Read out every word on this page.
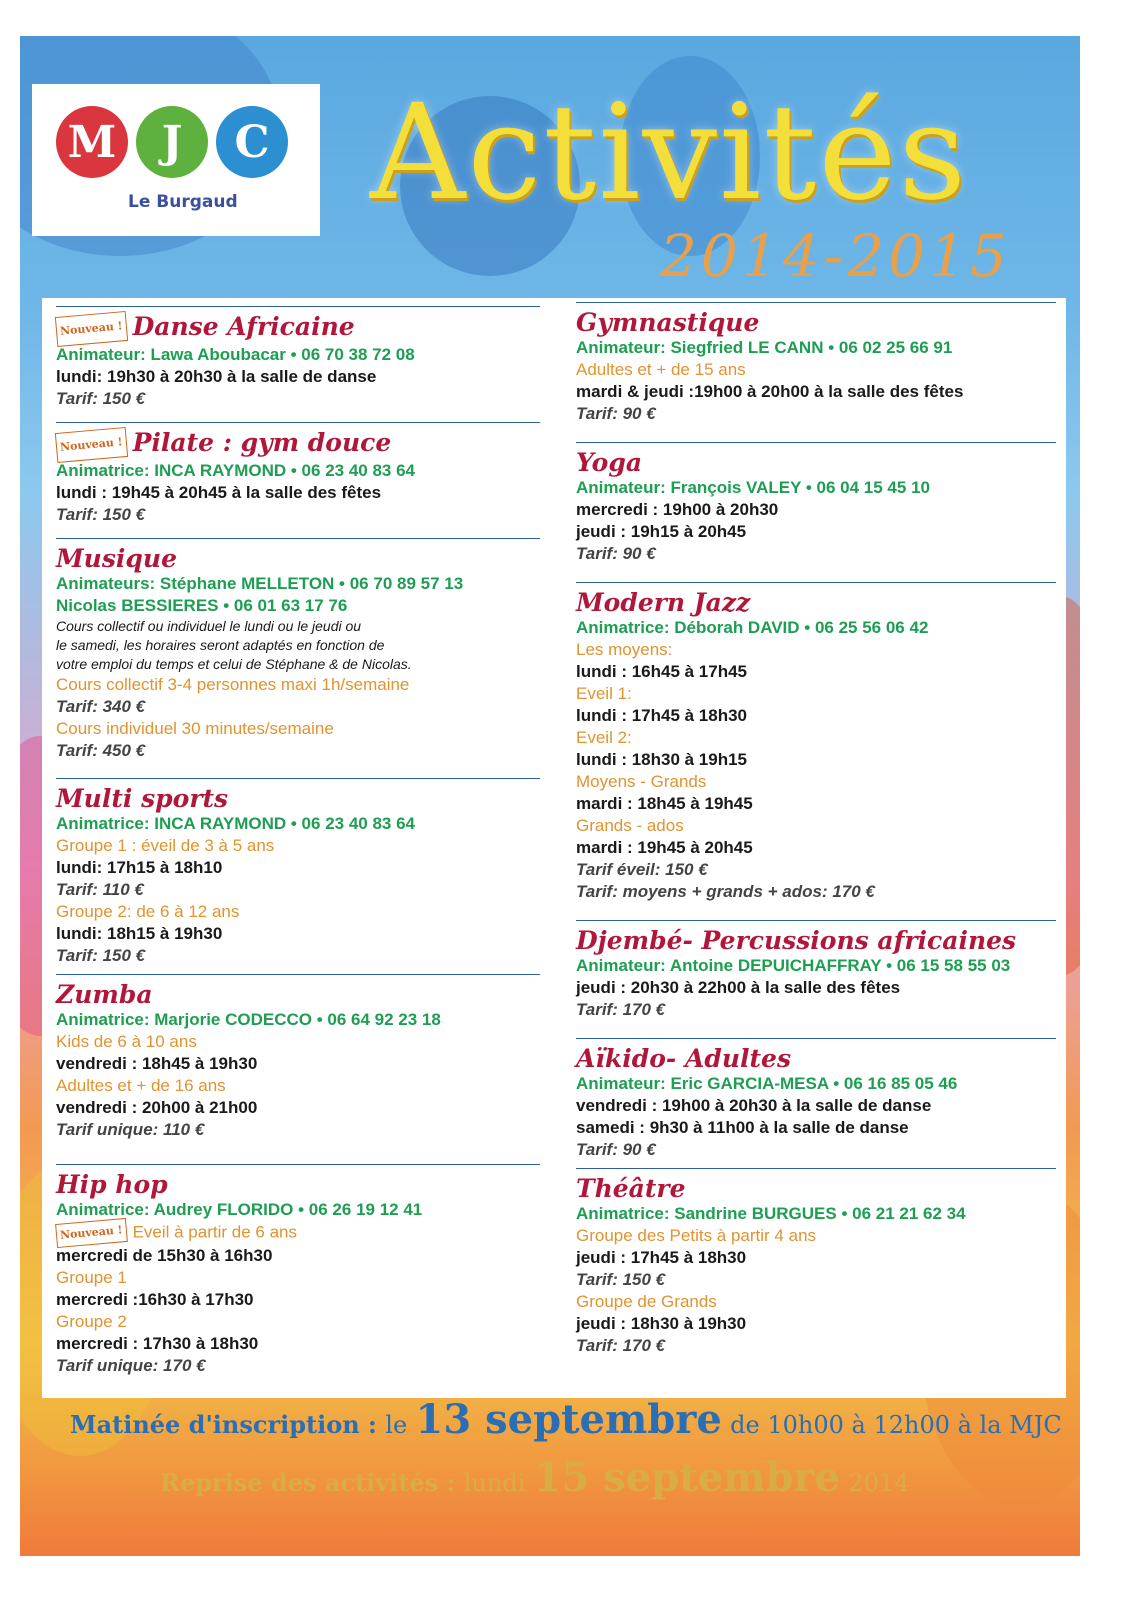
M	J	C
Le Burgaud Activités
2014-2015
Nouveau ! Danse Africaine
Animateur: Lawa Aboubacar • 06 70 38 72 08
lundi: 19h30 à 20h30 à la salle de danse
Tarif: 150 €
Nouveau ! Pilate : gym douce
Animatrice: INCA RAYMOND • 06 23 40 83 64
lundi : 19h45 à 20h45 à la salle des fêtes
Tarif: 150 €
Musique
Animateurs: Stéphane MELLETON • 06 70 89 57 13
Nicolas BESSIERES • 06 01 63 17 76
Cours collectif ou individuel le lundi ou le jeudi ou
le samedi, les horaires seront adaptés en fonction de
votre emploi du temps et celui de Stéphane & de Nicolas.
Cours collectif 3-4 personnes maxi 1h/semaine
Tarif: 340 €
Cours individuel 30 minutes/semaine
Tarif: 450 €
Multi sports
Animatrice: INCA RAYMOND • 06 23 40 83 64
Groupe 1 : éveil de 3 à 5 ans
lundi: 17h15 à 18h10
Tarif: 110 €
Groupe 2: de 6 à 12 ans
lundi: 18h15 à 19h30
Tarif: 150 €
Zumba
Animatrice: Marjorie CODECCO • 06 64 92 23 18
Kids de 6 à 10 ans
vendredi : 18h45 à 19h30
Adultes et + de 16 ans
vendredi : 20h00 à 21h00
Tarif unique: 110 €
Hip hop
Animatrice: Audrey FLORIDO • 06 26 19 12 41
Nouveau ! Eveil à partir de 6 ans
mercredi de 15h30 à 16h30
Groupe 1
mercredi :16h30 à 17h30
Groupe 2
mercredi : 17h30 à 18h30
Tarif unique: 170 €
Gymnastique
Animateur: Siegfried LE CANN • 06 02 25 66 91
Adultes et + de 15 ans
mardi & jeudi :19h00 à 20h00 à la salle des fêtes
Tarif: 90 €
Yoga
Animateur: François VALEY • 06 04 15 45 10
mercredi : 19h00 à 20h30
jeudi : 19h15 à 20h45
Tarif: 90 €
Modern Jazz
Animatrice: Déborah DAVID • 06 25 56 06 42
Les moyens:
lundi : 16h45 à 17h45
Eveil 1:
lundi : 17h45 à 18h30
Eveil 2:
lundi : 18h30 à 19h15
Moyens - Grands
mardi : 18h45 à 19h45
Grands - ados
mardi : 19h45 à 20h45
Tarif éveil: 150 €
Tarif: moyens + grands + ados: 170 €
Djembé- Percussions africaines
Animateur: Antoine DEPUICHAFFRAY • 06 15 58 55 03
jeudi : 20h30 à 22h00 à la salle des fêtes
Tarif: 170 €
Aïkido- Adultes
Animateur: Eric GARCIA-MESA • 06 16 85 05 46
vendredi : 19h00 à 20h30 à la salle de danse
samedi : 9h30 à 11h00 à la salle de danse
Tarif: 90 €
Théâtre
Animatrice: Sandrine BURGUES • 06 21 21 62 34
Groupe des Petits à partir 4 ans
jeudi : 17h45 à 18h30
Tarif: 150 €
Groupe de Grands
jeudi : 18h30 à 19h30
Tarif: 170 €
Matinée d'inscription : le 13 septembre de 10h00 à 12h00 à la MJC
Reprise des activités : lundi 15 septembre 2014
